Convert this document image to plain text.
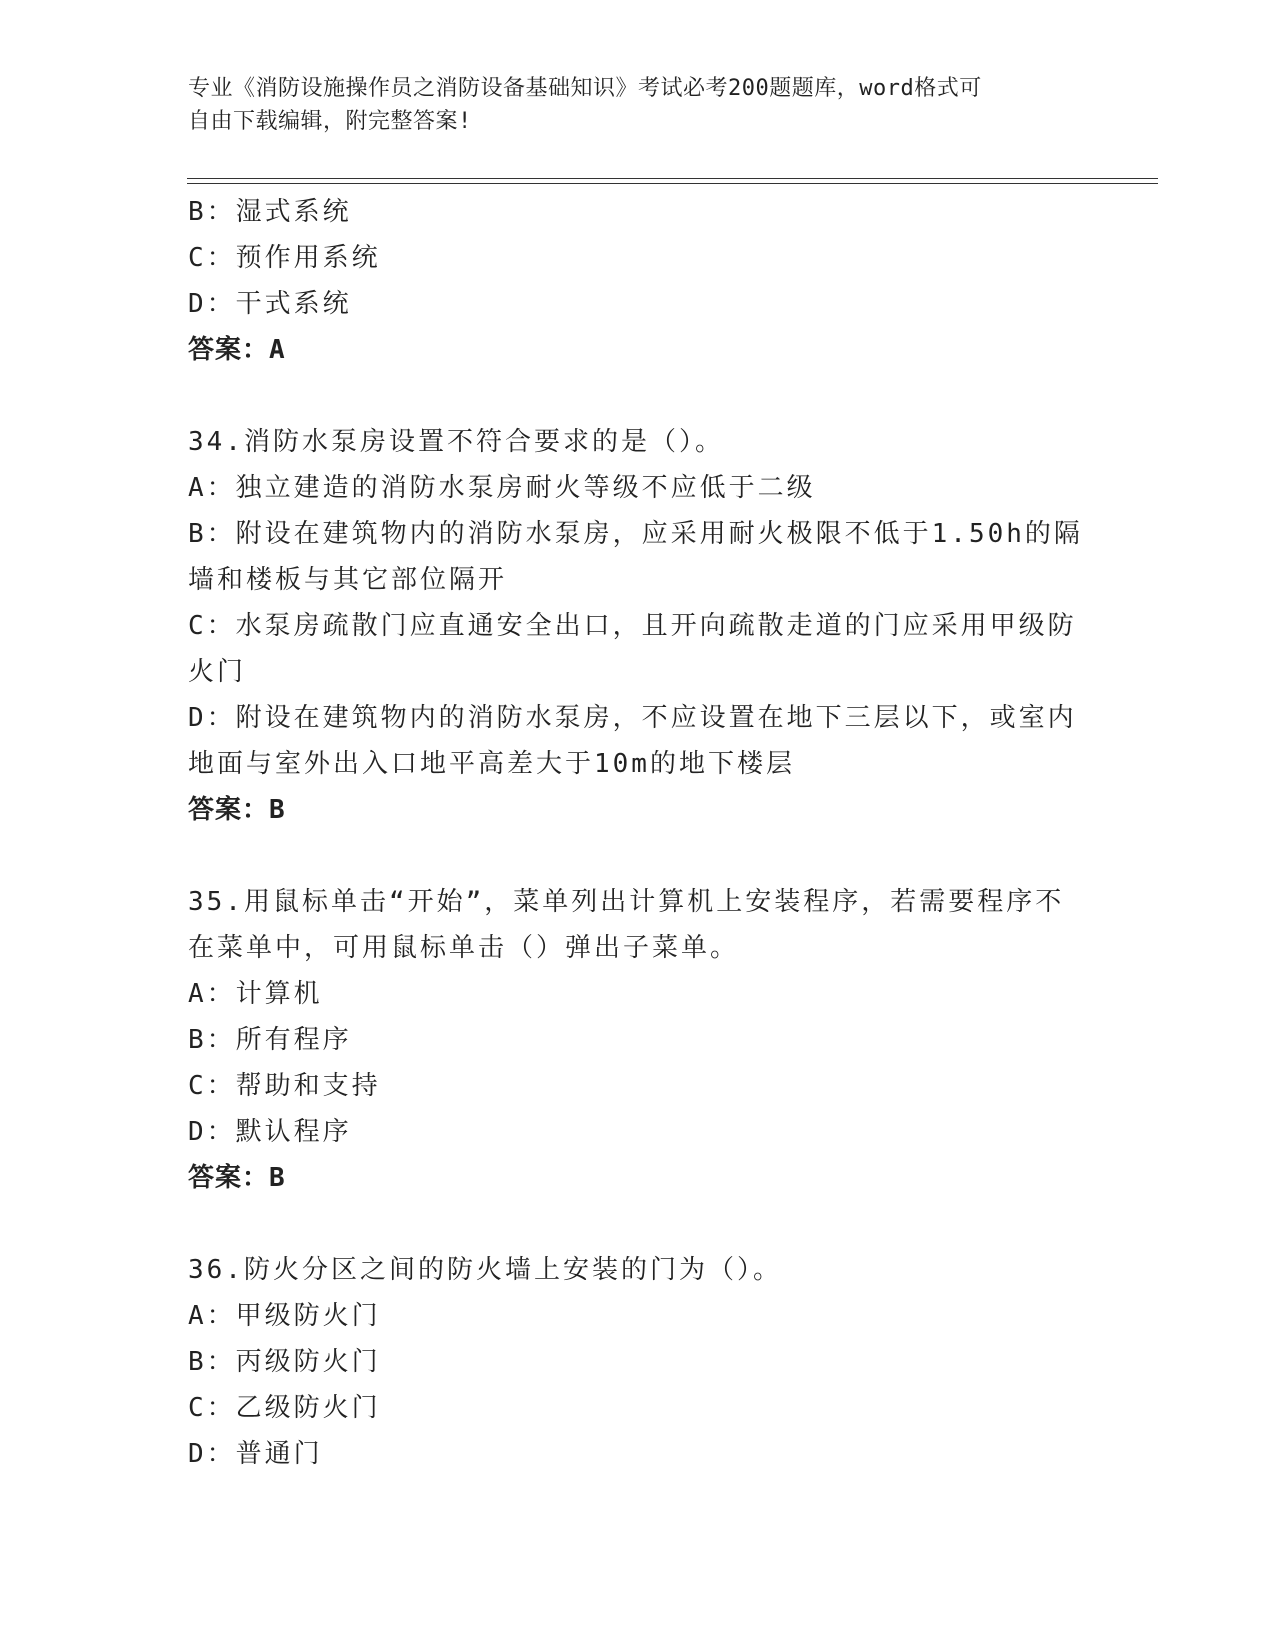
专业《消防设施操作员之消防设备基础知识》考试必考200题题库，word格式可
自由下载编辑，附完整答案!
B：湿式系统
C：预作用系统
D：干式系统
答案：A
34.消防水泵房设置不符合要求的是（）。
A：独立建造的消防水泵房耐火等级不应低于二级
B：附设在建筑物内的消防水泵房，应采用耐火极限不低于1.50h的隔
墙和楼板与其它部位隔开
C：水泵房疏散门应直通安全出口，且开向疏散走道的门应采用甲级防
火门
D：附设在建筑物内的消防水泵房，不应设置在地下三层以下，或室内
地面与室外出入口地平高差大于10m的地下楼层
答案：B
35.用鼠标单击“开始”，菜单列出计算机上安装程序，若需要程序不
在菜单中，可用鼠标单击（）弹出子菜单。
A：计算机
B：所有程序
C：帮助和支持
D：默认程序
答案：B
36.防火分区之间的防火墙上安装的门为（）。
A：甲级防火门
B：丙级防火门
C：乙级防火门
D：普通门
